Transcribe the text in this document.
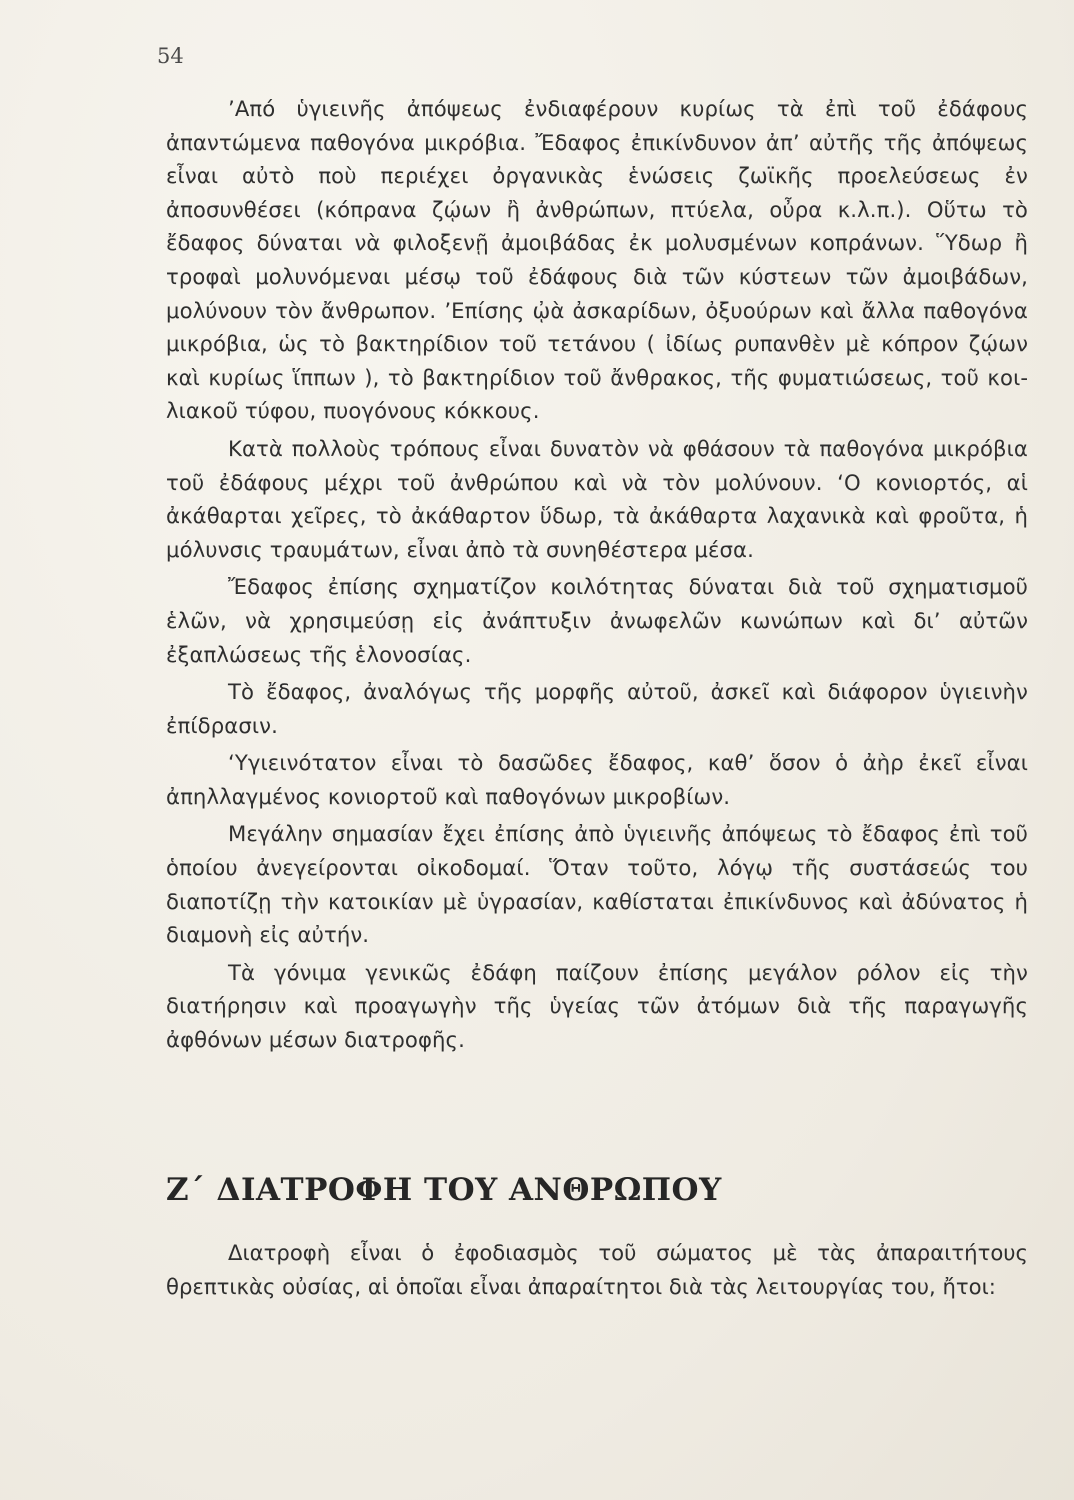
54

’Από ὑγιεινῆς ἀπόψεως ἐνδιαφέρουν κυρίως τὰ ἐπὶ τοῦ ἐδάφους ἀπαντώμενα παθογόνα μικρόβια. Ἔδαφος ἐπικίνδυνον ἀπ’ αὐτῆς τῆς ἀπόψεως εἶναι αὐτὸ ποὺ περιέχει ὀργανικὰς ἑνώσεις ζωϊκῆς προελεύσεως ἐν ἀποσυνθέσει (κόπρανα ζῴων ἢ ἀνθρώπων, πτύελα, οὖρα κ.λ.π.). Οὕτω τὸ ἔδαφος δύναται νὰ φιλοξενῇ ἀμοιβάδας ἐκ μολυσμένων κοπράνων. Ὕδωρ ἢ τροφαὶ μολυνόμεναι μέσῳ τοῦ ἐδάφους διὰ τῶν κύστεων τῶν ἀμοιβάδων, μολύνουν τὸν ἄνθρωπον. ’Επίσης ᾠὰ ἀσκαρίδων, ὀξυούρων καὶ ἄλλα παθογόνα μικρόβια, ὡς τὸ βακτηρίδιον τοῦ τετάνου ( ἰδίως ρυπανθὲν μὲ κόπρον ζῴων καὶ κυρίως ἵππων ), τὸ βακτηρίδιον τοῦ ἄνθρακος, τῆς φυματιώσεως, τοῦ κοιλιακοῦ τύφου, πυογόνους κόκκους.

Κατὰ πολλοὺς τρόπους εἶναι δυνατὸν νὰ φθάσουν τὰ παθογόνα μικρόβια τοῦ ἐδάφους μέχρι τοῦ ἀνθρώπου καὶ νὰ τὸν μολύνουν. ‘Ο κονιορτός, αἱ ἀκάθαρται χεῖρες, τὸ ἀκάθαρτον ὕδωρ, τὰ ἀκάθαρτα λαχανικὰ καὶ φροῦτα, ἡ μόλυνσις τραυμάτων, εἶναι ἀπὸ τὰ συνηθέστερα μέσα.

Ἔδαφος ἐπίσης σχηματίζον κοιλότητας δύναται διὰ τοῦ σχηματισμοῦ ἑλῶν, νὰ χρησιμεύσῃ εἰς ἀνάπτυξιν ἀνωφελῶν κωνώπων καὶ δι’ αὐτῶν ἐξαπλώσεως τῆς ἑλονοσίας.

Τὸ ἔδαφος, ἀναλόγως τῆς μορφῆς αὐτοῦ, ἀσκεῖ καὶ διάφορον ὑγιεινὴν ἐπίδρασιν.

‘Υγιεινότατον εἶναι τὸ δασῶδες ἔδαφος, καθ’ ὅσον ὁ ἀὴρ ἐκεῖ εἶναι ἀπηλλαγμένος κονιορτοῦ καὶ παθογόνων μικροβίων.

Μεγάλην σημασίαν ἔχει ἐπίσης ἀπὸ ὑγιεινῆς ἀπόψεως τὸ ἔδαφος ἐπὶ τοῦ ὁποίου ἀνεγείρονται οἰκοδομαί. Ὅταν τοῦτο, λόγῳ τῆς συστάσεώς του διαποτίζῃ τὴν κατοικίαν μὲ ὑγρασίαν, καθίσταται ἐπικίνδυνος καὶ ἀδύνατος ἡ διαμονὴ εἰς αὐτήν.

Τὰ γόνιμα γενικῶς ἐδάφη παίζουν ἐπίσης μεγάλον ρόλον εἰς τὴν διατήρησιν καὶ προαγωγὴν τῆς ὑγείας τῶν ἀτόμων διὰ τῆς παραγωγῆς ἀφθόνων μέσων διατροφῆς.

Ζ΄ ΔΙΑΤΡΟΦΗ ΤΟΥ ΑΝΘΡΩΠΟΥ

Διατροφὴ εἶναι ὁ ἐφοδιασμὸς τοῦ σώματος μὲ τὰς ἀπαραιτήτους θρεπτικὰς οὐσίας, αἱ ὁποῖαι εἶναι ἀπαραίτητοι διὰ τὰς λειτουργίας του, ἤτοι:
